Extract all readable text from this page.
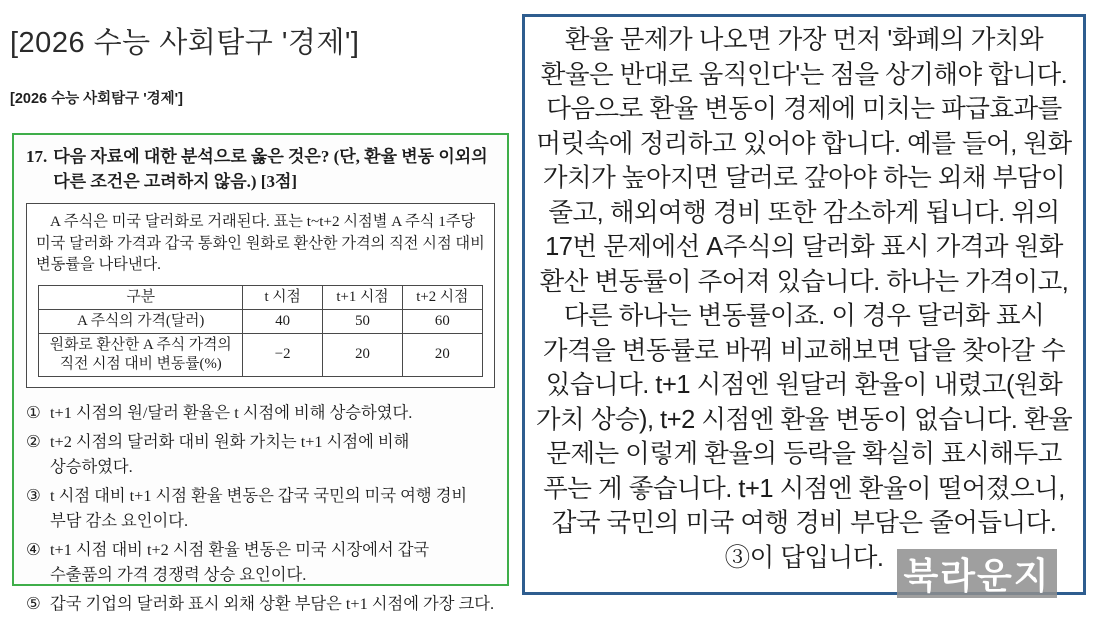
[2026 수능 사회탐구 '경제']
[2026 수능 사회탐구 '경제']
17. 다음 자료에 대한 분석으로 옳은 것은? (단, 환율 변동 이외의 다른 조건은 고려하지 않음.) [3점]

A 주식은 미국 달러화로 거래된다. 표는 t~t+2 시점별 A 주식 1주당 미국 달러화 가격과 갑국 통화인 원화로 환산한 가격의 직전 시점 대비 변동률을 나타낸다.

구분	t 시점	t+1 시점	t+2 시점
A 주식의 가격(달러)	40	50	60
원화로 환산한 A 주식 가격의 직전 시점 대비 변동률(%)	−2	20	20
① t+1 시점의 원/달러 환율은 t 시점에 비해 상승하였다.
② t+2 시점의 달러화 대비 원화 가치는 t+1 시점에 비해 상승하였다.
③ t 시점 대비 t+1 시점 환율 변동은 갑국 국민의 미국 여행 경비 부담 감소 요인이다.
④ t+1 시점 대비 t+2 시점 환율 변동은 미국 시장에서 갑국 수출품의 가격 경쟁력 상승 요인이다.
⑤ 갑국 기업의 달러화 표시 외채 상환 부담은 t+1 시점에 가장 크다.

환율 문제가 나오면 가장 먼저 '화폐의 가치와 환율은 반대로 움직인다'는 점을 상기해야 합니다. 다음으로 환율 변동이 경제에 미치는 파급효과를 머릿속에 정리하고 있어야 합니다. 예를 들어, 원화 가치가 높아지면 달러로 갚아야 하는 외채 부담이 줄고, 해외여행 경비 또한 감소하게 됩니다. 위의 17번 문제에선 A주식의 달러화 표시 가격과 원화 환산 변동률이 주어져 있습니다. 하나는 가격이고, 다른 하나는 변동률이죠. 이 경우 달러화 표시 가격을 변동률로 바꿔 비교해보면 답을 찾아갈 수 있습니다. t+1 시점엔 원달러 환율이 내렸고(원화 가치 상승), t+2 시점엔 환율 변동이 없습니다. 환율 문제는 이렇게 환율의 등락을 확실히 표시해두고 푸는 게 좋습니다. t+1 시점엔 환율이 떨어졌으니, 갑국 국민의 미국 여행 경비 부담은 줄어듭니다. ③이 답입니다. 북라운지
